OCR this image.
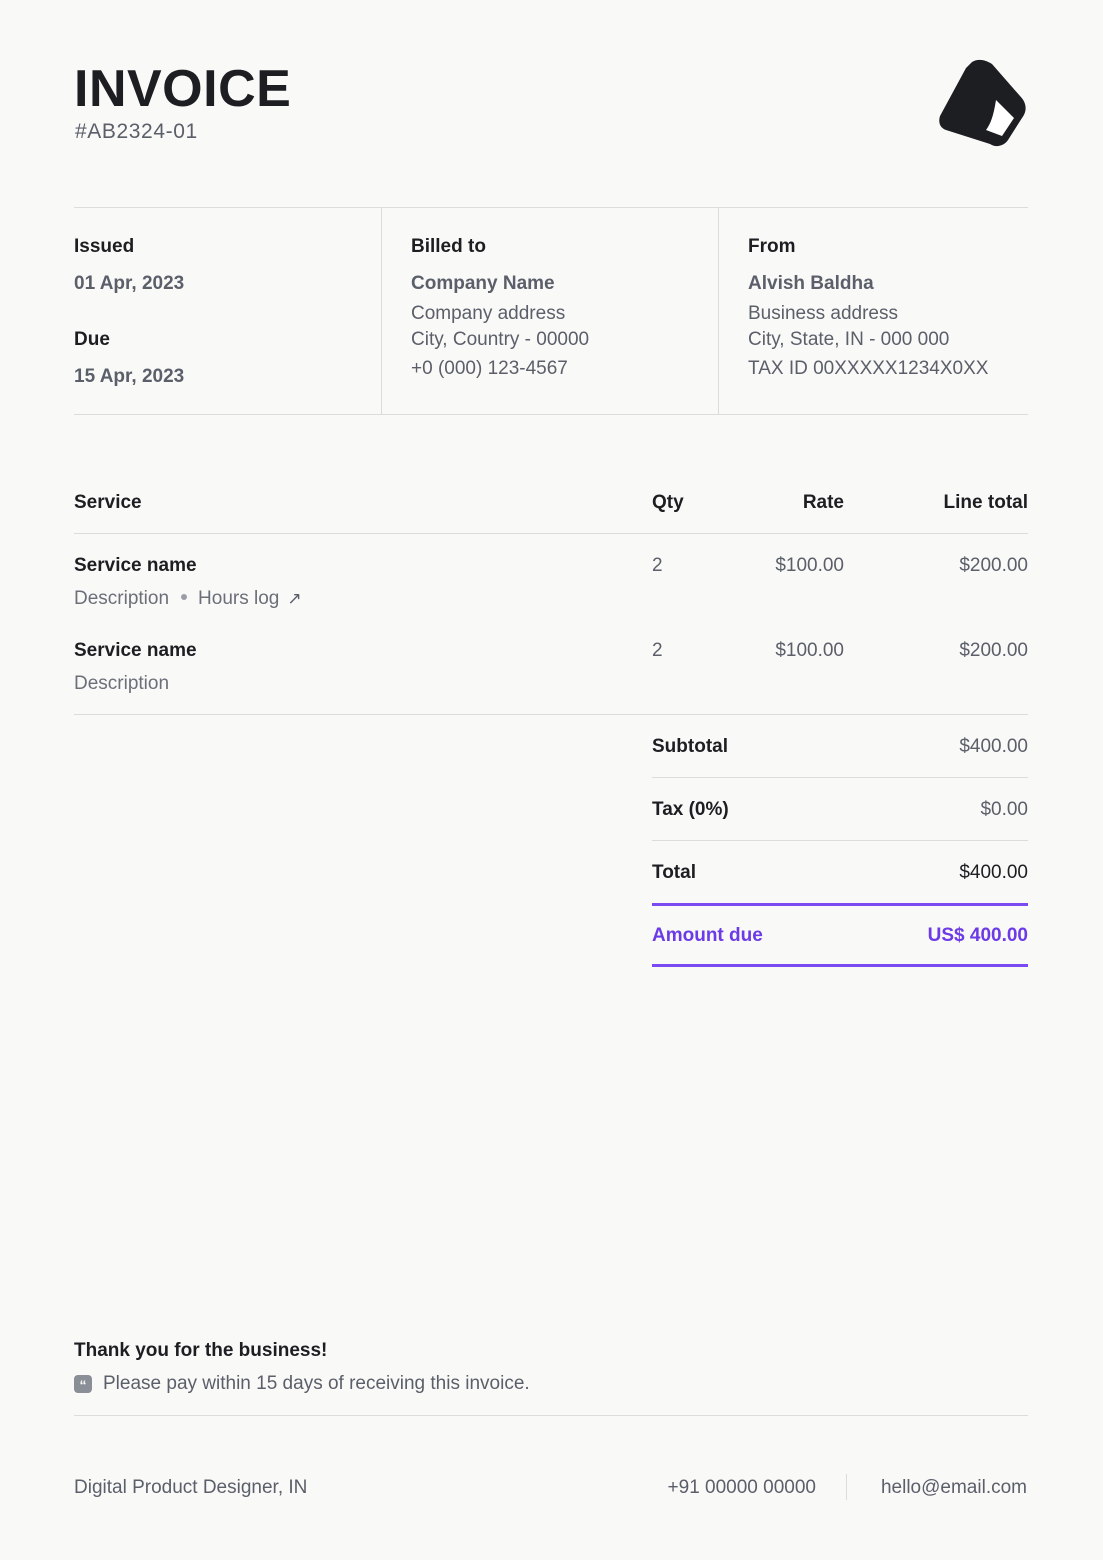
INVOICE
#AB2324-01
Issued
01 Apr, 2023
Due
15 Apr, 2023
Billed to
Company Name
Company address
City, Country - 00000
+0 (000) 123-4567
From
Alvish Baldha
Business address
City, State, IN - 000 000
TAX ID 00XXXXX1234X0XX
Service	Qty	Rate	Line total
Service name
Description Hours log ↗
2	$100.00	$200.00
Service name
Description
2	$100.00	$200.00
Subtotal	$400.00
Tax (0%)	$0.00
Total	$400.00
Amount due	US$ 400.00
Thank you for the business!
“ Please pay within 15 days of receiving this invoice.
Digital Product Designer, IN	+91 00000 00000	hello@email.com
